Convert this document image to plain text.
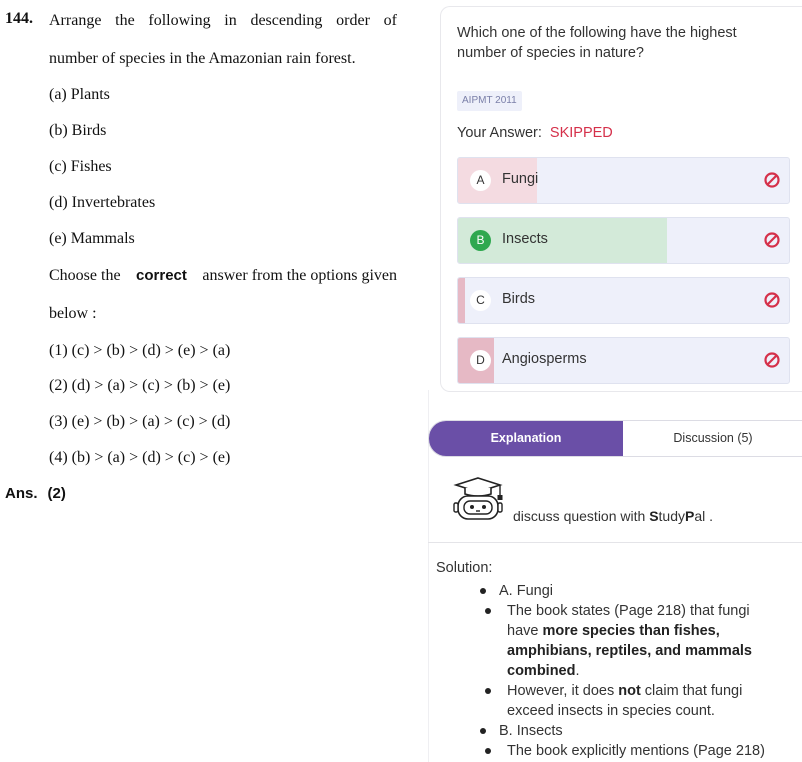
144. Arrange the following in descending order of
number of species in the Amazonian rain forest.
(a) Plants
(b) Birds
(c) Fishes
(d) Invertebrates
(e) Mammals
Choose the correct answer from the options given
below :
(1) (c) > (b) > (d) > (e) > (a)
(2) (d) > (a) > (c) > (b) > (e)
(3) (e) > (b) > (a) > (c) > (d)
(4) (b) > (a) > (d) > (c) > (e)
Ans. (2)
Which one of the following have the highest number of species in nature?
AIPMT 2011
Your Answer: SKIPPED
A	Fungi
B	Insects
C	Birds
D	Angiosperms
Explanation	Discussion (5)
discuss question with StudyPal .
Solution:
A. Fungi
The book states (Page 218) that fungi
have more species than fishes,
amphibians, reptiles, and mammals
combined.
However, it does not claim that fungi
exceed insects in species count.
B. Insects
The book explicitly mentions (Page 218)
